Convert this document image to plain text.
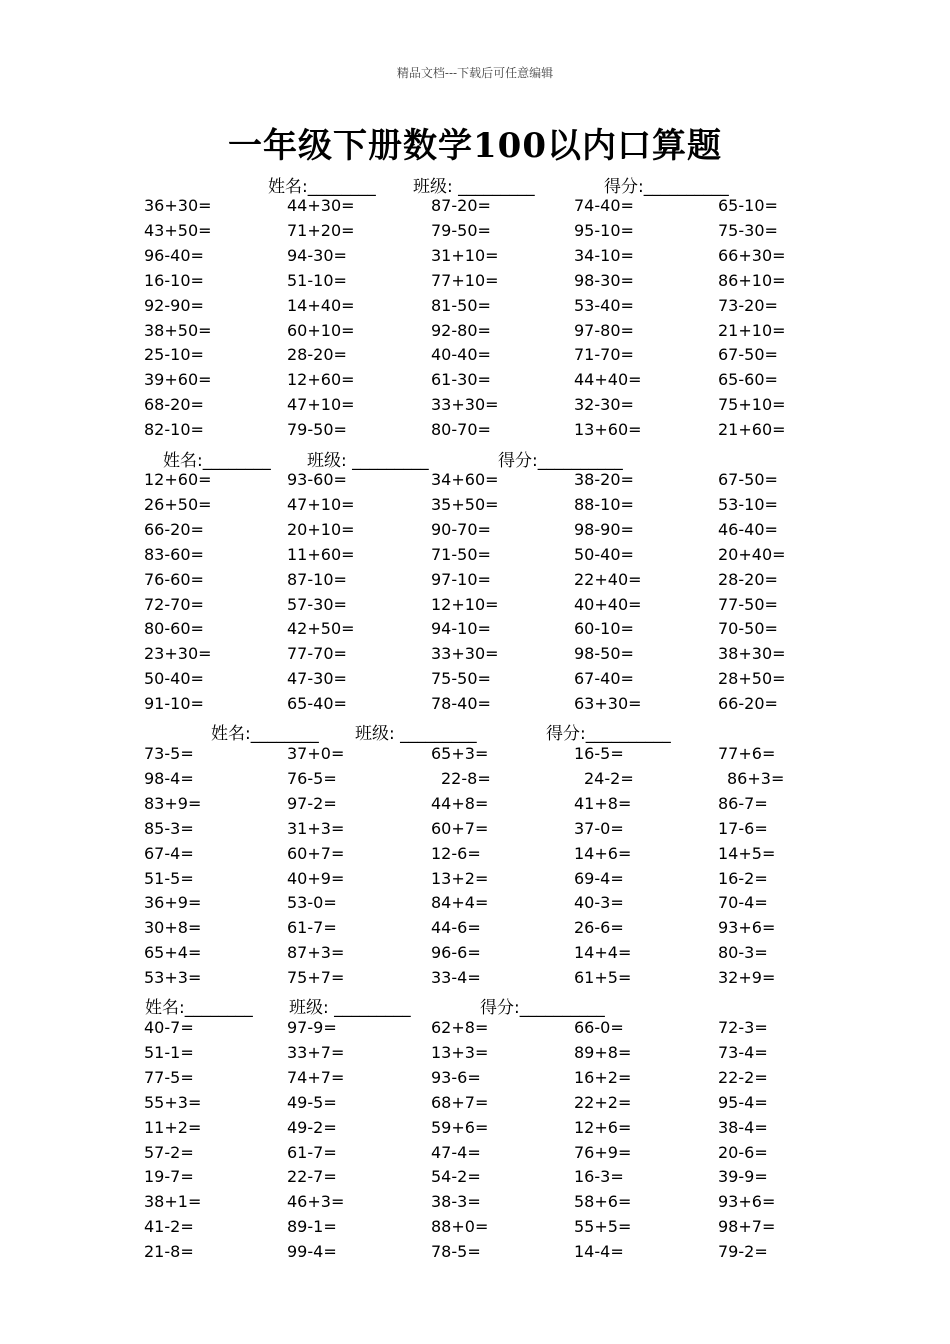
精品文档---下载后可任意编辑
一年级下册数学100以内口算题
姓名:________ 班级: _________	得分:__________
36+30=	44+30=	87-20=	74-40=	65-10=
43+50=	71+20=	79-50=	95-10=	75-30=
96-40=	94-30=	31+10=	34-10=	66+30=
16-10=	51-10=	77+10=	98-30=	86+10=
92-90=	14+40=	81-50=	53-40=	73-20=
38+50=	60+10=	92-80=	97-80=	21+10=
25-10=	28-20=	40-40=	71-70=	67-50=
39+60=	12+60=	61-30=	44+40=	65-60=
68-20=	47+10=	33+30=	32-30=	75+10=
82-10=	79-50=	80-70=	13+60=	21+60=
姓名:________ 班级: _________	得分:__________
12+60=	93-60=	34+60=	38-20=	67-50=
26+50=	47+10=	35+50=	88-10=	53-10=
66-20=	20+10=	90-70=	98-90=	46-40=
83-60=	11+60=	71-50=	50-40=	20+40=
76-60=	87-10=	97-10=	22+40=	28-20=
72-70=	57-30=	12+10=	40+40=	77-50=
80-60=	42+50=	94-10=	60-10=	70-50=
23+30=	77-70=	33+30=	98-50=	38+30=
50-40=	47-30=	75-50=	67-40=	28+50=
91-10=	65-40=	78-40=	63+30=	66-20=
姓名:________ 班级: _________	得分:__________
73-5=	37+0=	65+3=	16-5=	77+6=
98-4=	76-5=	22-8=	24-2=	86+3=
83+9=	97-2=	44+8=	41+8=	86-7=
85-3=	31+3=	60+7=	37-0=	17-6=
67-4=	60+7=	12-6=	14+6=	14+5=
51-5=	40+9=	13+2=	69-4=	16-2=
36+9=	53-0=	84+4=	40-3=	70-4=
30+8=	61-7=	44-6=	26-6=	93+6=
65+4=	87+3=	96-6=	14+4=	80-3=
53+3=	75+7=	33-4=	61+5=	32+9=
姓名:________ 班级: _________	得分:__________
40-7=	97-9=	62+8=	66-0=	72-3=
51-1=	33+7=	13+3=	89+8=	73-4=
77-5=	74+7=	93-6=	16+2=	22-2=
55+3=	49-5=	68+7=	22+2=	95-4=
11+2=	49-2=	59+6=	12+6=	38-4=
57-2=	61-7=	47-4=	76+9=	20-6=
19-7=	22-7=	54-2=	16-3=	39-9=
38+1=	46+3=	38-3=	58+6=	93+6=
41-2=	89-1=	88+0=	55+5=	98+7=
21-8=	99-4=	78-5=	14-4=	79-2=
